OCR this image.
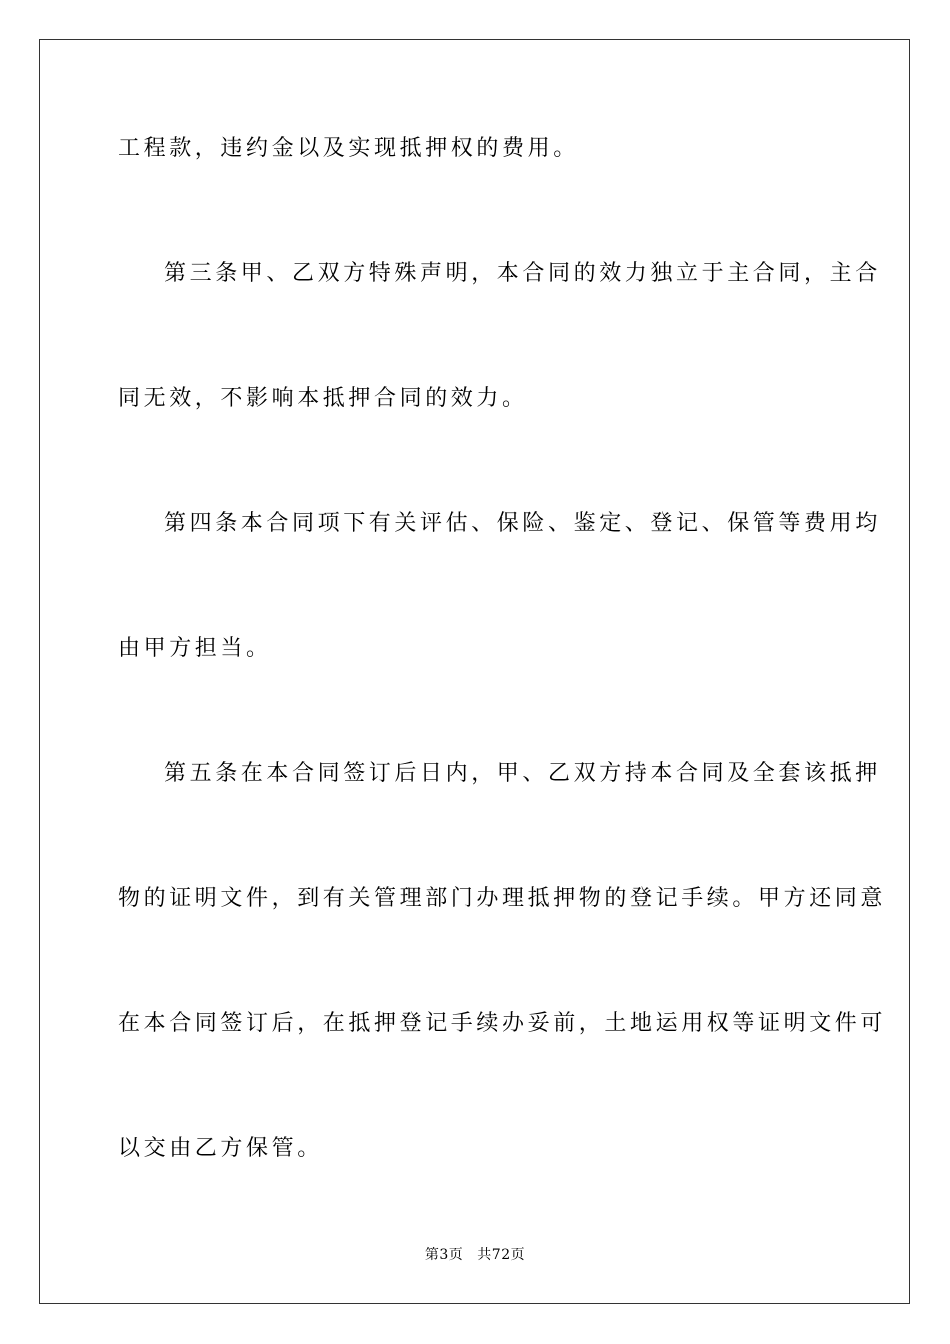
工程款，违约金以及实现抵押权的费用。
第三条甲、乙双方特殊声明，本合同的效力独立于主合同，主合
同无效，不影响本抵押合同的效力。
第四条本合同项下有关评估、保险、鉴定、登记、保管等费用均
由甲方担当。
第五条在本合同签订后日内，甲、乙双方持本合同及全套该抵押
物的证明文件，到有关管理部门办理抵押物的登记手续。甲方还同意
在本合同签订后，在抵押登记手续办妥前，土地运用权等证明文件可
以交由乙方保管。
第3页 共72页
